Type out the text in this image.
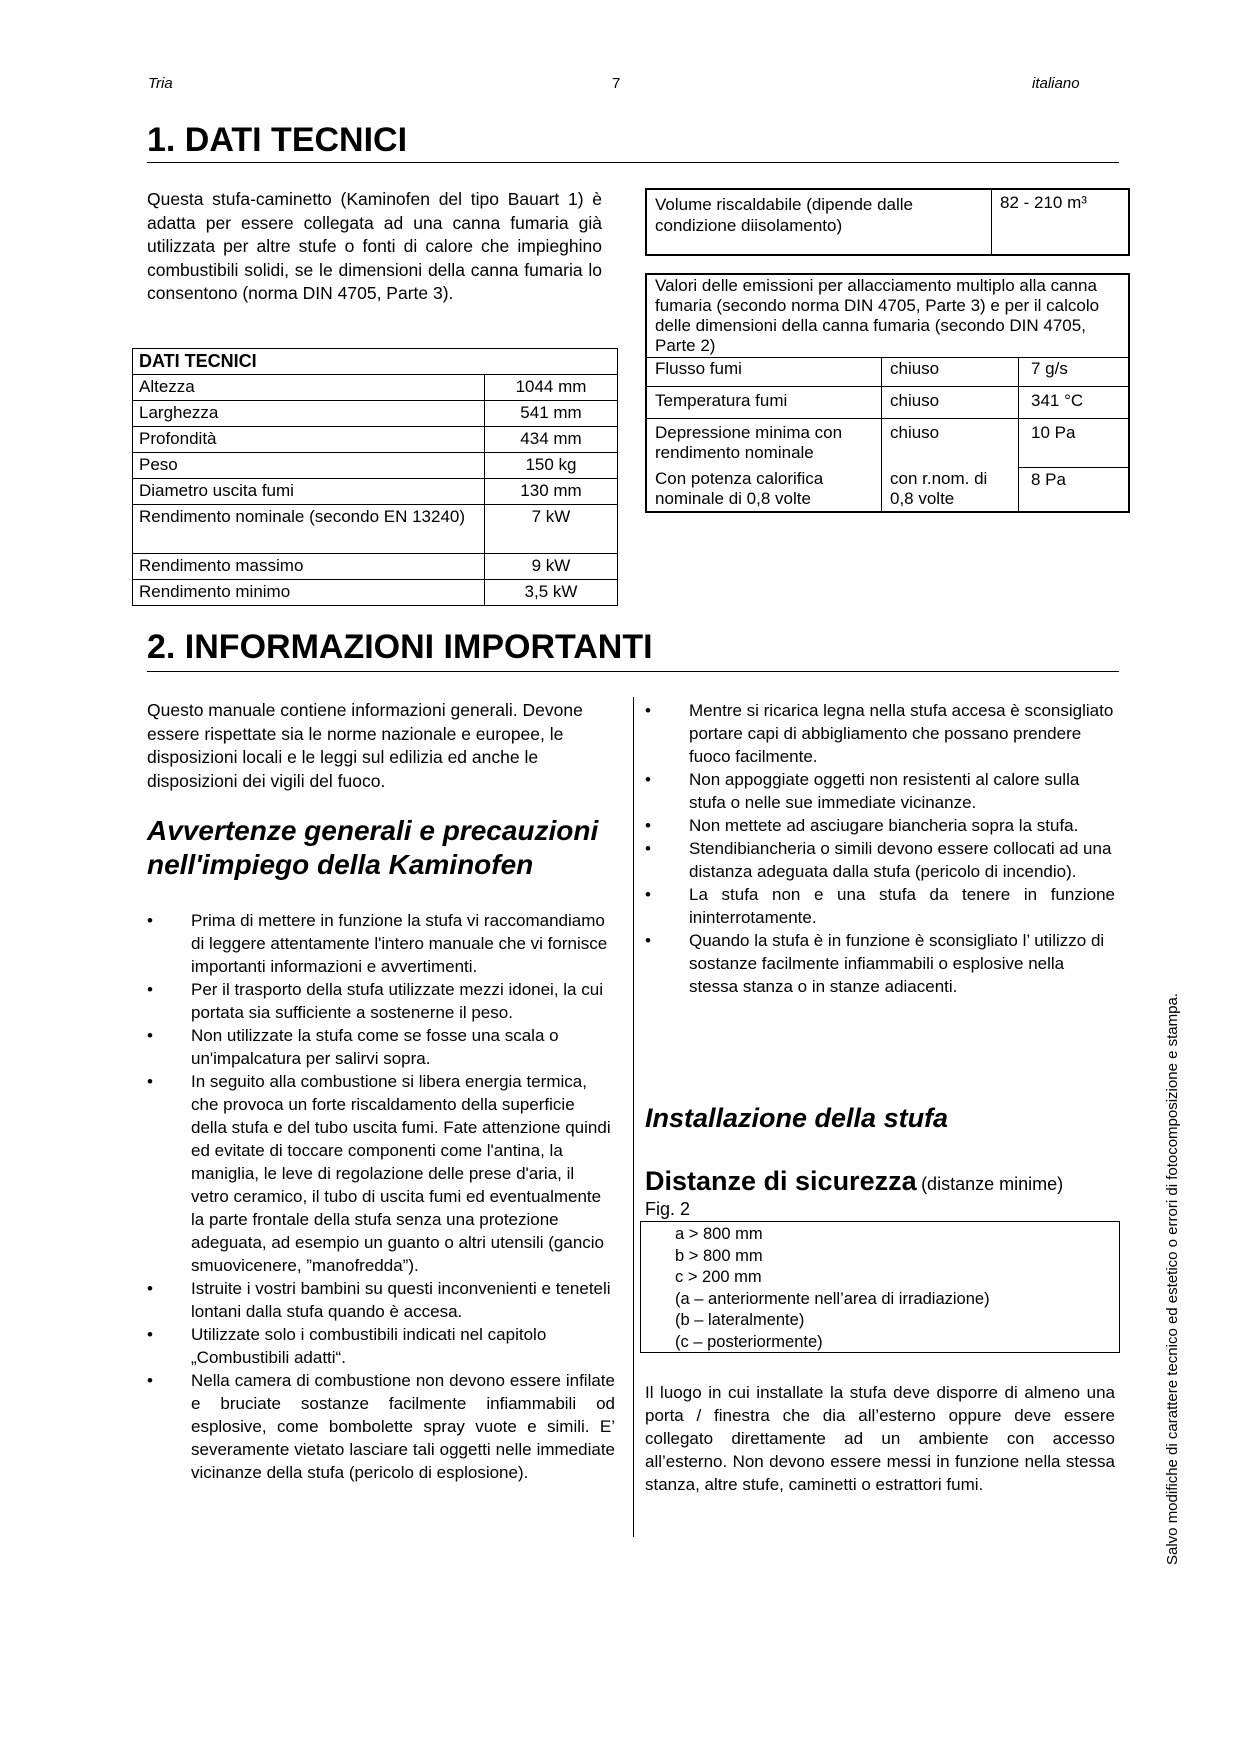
Tria	7	italiano
1. DATI TECNICI

Questa stufa-caminetto (Kaminofen del tipo Bauart 1) è adatta per essere collegata ad una canna fumaria già utilizzata per altre stufe o fonti di calore che impieghino combustibili solidi, se le dimensioni della canna fumaria lo consentono (norma DIN 4705, Parte 3).

DATI TECNICI	
Altezza	1044 mm
Larghezza	541 mm
Profondità	434 mm
Peso	150 kg
Diametro uscita fumi	130 mm
Rendimento nominale (secondo EN 13240)	7 kW
Rendimento massimo	9 kW
Rendimento minimo	3,5 kW
Volume riscaldabile (dipende dalle condizione diisolamento)	82 - 210 m³
Valori delle emissioni per allacciamento multiplo alla canna fumaria (secondo norma DIN 4705, Parte 3) e per il calcolo delle dimensioni della canna fumaria (secondo DIN 4705, Parte 2)		
Flusso fumi	chiuso	7 g/s
Temperatura fumi	chiuso	341 °C
Depressione minima con rendimento nominale	chiuso	10 Pa
Con potenza calorifica nominale di 0,8 volte	con r.nom. di 0,8 volte	8 Pa
2. INFORMAZIONI IMPORTANTI

Questo manuale contiene informazioni generali. Devone essere rispettate sia le norme nazionale e europee, le disposizioni locali e le leggi sul edilizia ed anche le disposizioni dei vigili del fuoco.

Avvertenze generali e precauzioni nell'impiego della Kaminofen
•	Prima di mettere in funzione la stufa vi raccomandiamo di leggere attentamente l'intero manuale che vi fornisce importanti informazioni e avvertimenti.
•	Per il trasporto della stufa utilizzate mezzi idonei, la cui portata sia sufficiente a sostenerne il peso.
•	Non utilizzate la stufa come se fosse una scala o un'impalcatura per salirvi sopra.
•	In seguito alla combustione si libera energia termica, che provoca un forte riscaldamento della superficie della stufa e del tubo uscita fumi. Fate attenzione quindi ed evitate di toccare componenti come l'antina, la maniglia, le leve di regolazione delle prese d'aria, il vetro ceramico, il tubo di uscita fumi ed eventualmente la parte frontale della stufa senza una protezione adeguata, ad esempio un guanto o altri utensili (gancio smuovicenere, ”manofredda”).
•	Istruite i vostri bambini su questi inconvenienti e teneteli lontani dalla stufa quando è accesa.
•	Utilizzate solo i combustibili indicati nel capitolo „Combustibili adatti“.
•	Nella camera di combustione non devono essere infilate e bruciate sostanze facilmente infiammabili od esplosive, come bombolette spray vuote e simili. E’ severamente vietato lasciare tali oggetti nelle immediate vicinanze della stufa (pericolo di esplosione).
•	Mentre si ricarica legna nella stufa accesa è sconsigliato portare capi di abbigliamento che possano prendere fuoco facilmente.
•	Non appoggiate oggetti non resistenti al calore sulla stufa o nelle sue immediate vicinanze.
•	Non mettete ad asciugare biancheria sopra la stufa.
•	Stendibiancheria o simili devono essere collocati ad una distanza adeguata dalla stufa (pericolo di incendio).
•	La stufa non e una stufa da tenere in funzione ininterrotamente.
•	Quando la stufa è in funzione è sconsigliato l’ utilizzo di sostanze facilmente infiammabili o esplosive nella stessa stanza o in stanze adiacenti.
Installazione della stufa
Distanze di sicurezza (distanze minime)
Fig. 2
a > 800 mm
b > 800 mm
c > 200 mm
(a – anteriormente nell’area di irradiazione)
(b – lateralmente)
(c – posteriormente)

Il luogo in cui installate la stufa deve disporre di almeno una porta / finestra che dia all’esterno oppure deve essere collegato direttamente ad un ambiente con accesso all’esterno. Non devono essere messi in funzione nella stessa stanza, altre stufe, caminetti o estrattori fumi.	Salvo modifiche di carattere tecnico ed estetico o errori di fotocomposizione e stampa.
